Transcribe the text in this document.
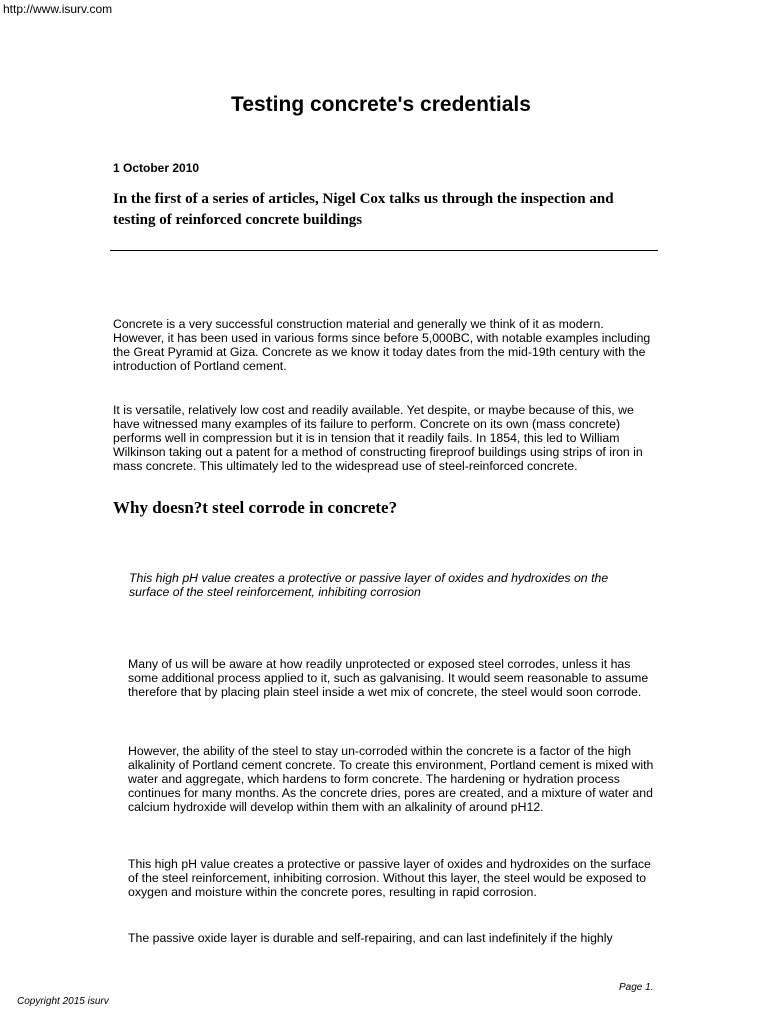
http://www.isurv.com
Testing concrete's credentials
1 October 2010
In the first of a series of articles, Nigel Cox talks us through the inspection and testing of reinforced concrete buildings
Concrete is a very successful construction material and generally we think of it as modern. However, it has been used in various forms since before 5,000BC, with notable examples including the Great Pyramid at Giza. Concrete as we know it today dates from the mid-19th century with the introduction of Portland cement.
It is versatile, relatively low cost and readily available. Yet despite, or maybe because of this, we have witnessed many examples of its failure to perform. Concrete on its own (mass concrete) performs well in compression but it is in tension that it readily fails. In 1854, this led to William Wilkinson taking out a patent for a method of constructing fireproof buildings using strips of iron in mass concrete. This ultimately led to the widespread use of steel-reinforced concrete.
Why doesn?t steel corrode in concrete?
This high pH value creates a protective or passive layer of oxides and hydroxides on the surface of the steel reinforcement, inhibiting corrosion
Many of us will be aware at how readily unprotected or exposed steel corrodes, unless it has some additional process applied to it, such as galvanising. It would seem reasonable to assume therefore that by placing plain steel inside a wet mix of concrete, the steel would soon corrode.
However, the ability of the steel to stay un-corroded within the concrete is a factor of the high alkalinity of Portland cement concrete. To create this environment, Portland cement is mixed with water and aggregate, which hardens to form concrete. The hardening or hydration process continues for many months. As the concrete dries, pores are created, and a mixture of water and calcium hydroxide will develop within them with an alkalinity of around pH12.
This high pH value creates a protective or passive layer of oxides and hydroxides on the surface of the steel reinforcement, inhibiting corrosion. Without this layer, the steel would be exposed to oxygen and moisture within the concrete pores, resulting in rapid corrosion.
The passive oxide layer is durable and self-repairing, and can last indefinitely if the highly
Page 1.
Copyright 2015 isurv
